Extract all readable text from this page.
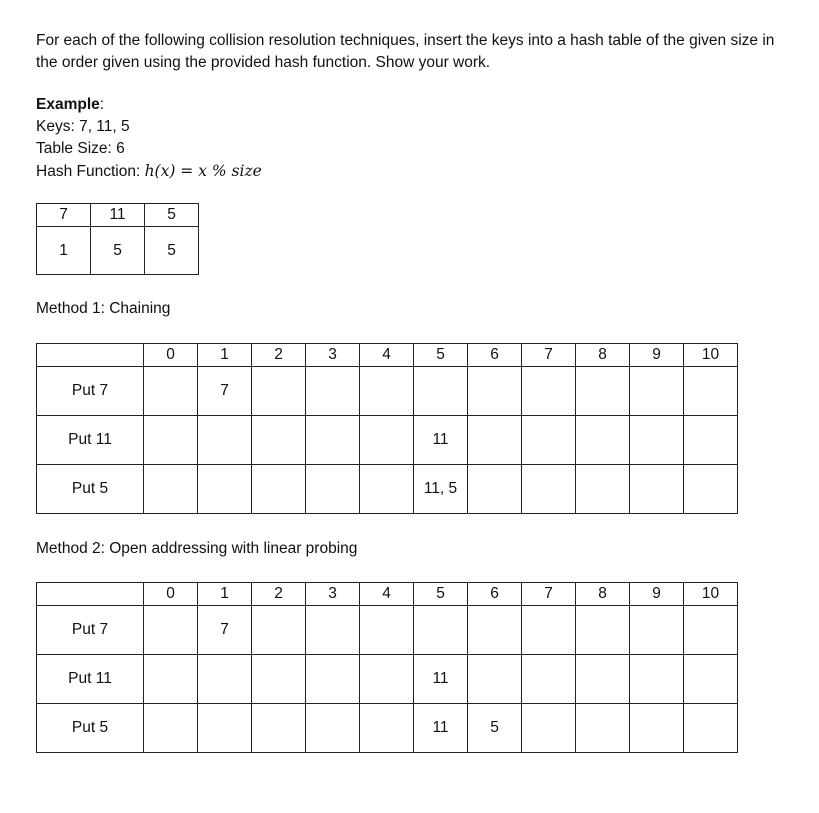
For each of the following collision resolution techniques, insert the keys into a hash table of the given size in the order given using the provided hash function. Show your work.
Example:
Keys: 7, 11, 5
Table Size: 6
Hash Function: h(x) = x % size
7	11	5
1	5	5
Method 1: Chaining
	0	1	2	3	4	5	6	7	8	9	10
Put 7		7									
Put 11						11					
Put 5						11, 5					
Method 2: Open addressing with linear probing
	0	1	2	3	4	5	6	7	8	9	10
Put 7		7									
Put 11						11					
Put 5						11	5				
